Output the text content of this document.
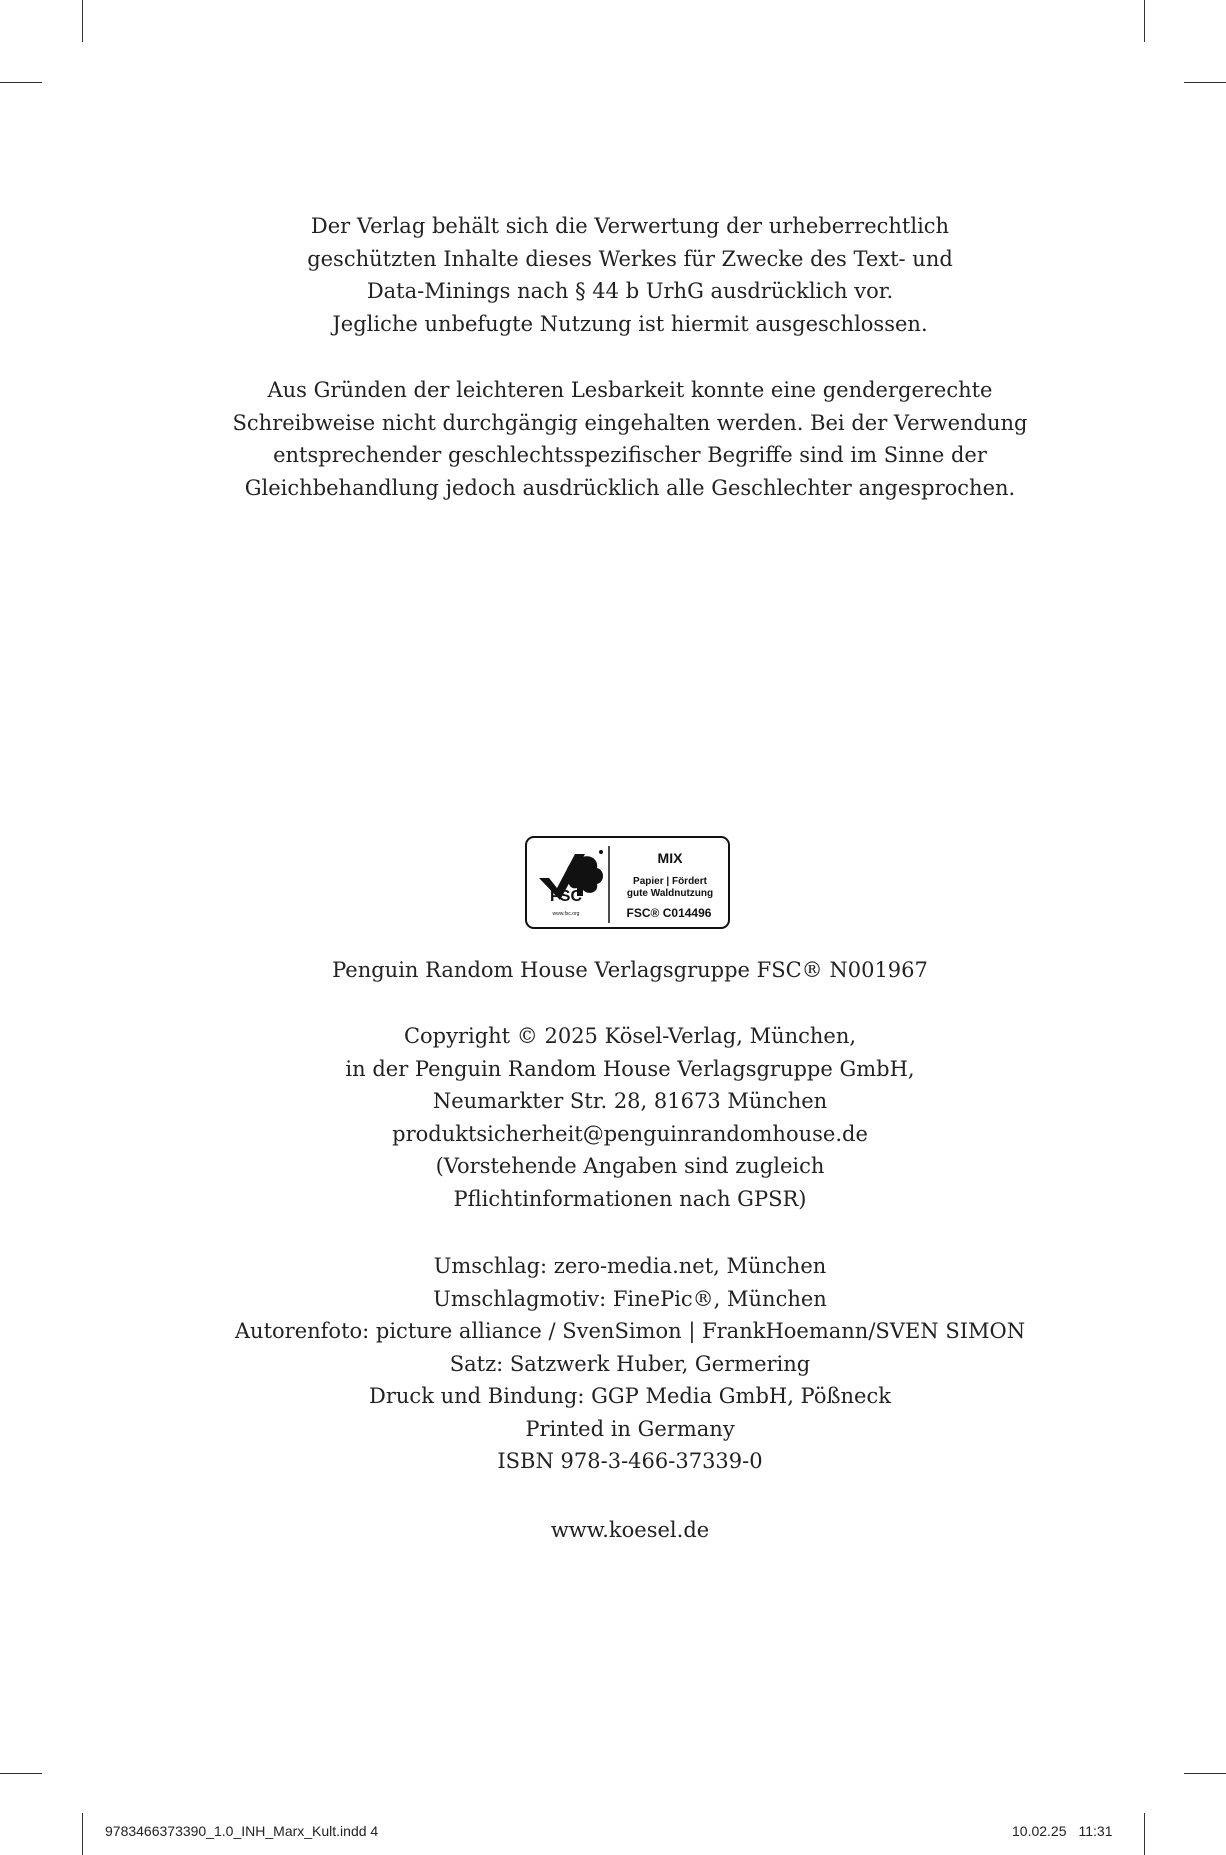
Der Verlag behält sich die Verwertung der urheberrechtlich

geschützten Inhalte dieses Werkes für Zwecke des Text- und

Data-Minings nach § 44 b UrhG ausdrücklich vor.

Jegliche unbefugte Nutzung ist hiermit ausgeschlossen.

Aus Gründen der leichteren Lesbarkeit konnte eine gendergerechte

Schreibweise nicht durchgängig eingehalten werden. Bei der Verwendung

entsprechender geschlechtsspezifischer Begriffe sind im Sinne der

Gleichbehandlung jedoch ausdrücklich alle Geschlechter angesprochen.

MIX
Papier | Fördert
gute Waldnutzung
FSC® C014496
FSC
www.fsc.org

Penguin Random House Verlagsgruppe FSC® N001967

Copyright © 2025 Kösel-Verlag, München,

in der Penguin Random House Verlagsgruppe GmbH,

Neumarkter Str. 28, 81673 München

produktsicherheit@penguinrandomhouse.de

(Vorstehende Angaben sind zugleich

Pflichtinformationen nach GPSR)

Umschlag: zero-media.net, München

Umschlagmotiv: FinePic®, München

Autorenfoto: picture alliance / SvenSimon | FrankHoemann/SVEN SIMON

Satz: Satzwerk Huber, Germering

Druck und Bindung: GGP Media GmbH, Pößneck

Printed in Germany

ISBN 978-3-466-37339-0

www.koesel.de

9783466373390_1.0_INH_Marx_Kult.indd 4	10.02.25 11:31
